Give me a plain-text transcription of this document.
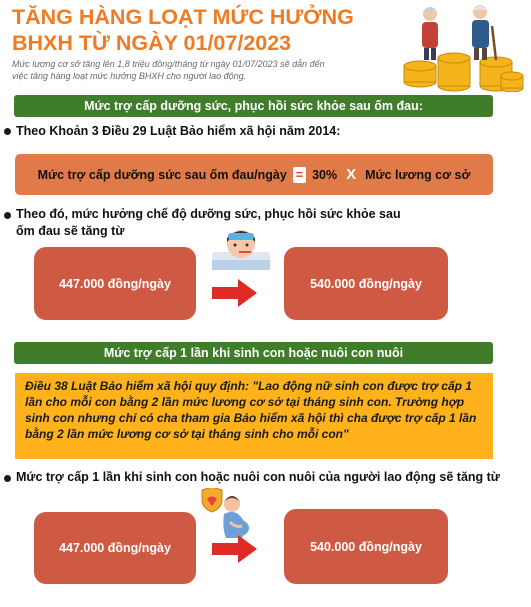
TĂNG HÀNG LOẠT MỨC HƯỞNG BHXH TỪ NGÀY 01/07/2023
Mức lương cơ sở tăng lên 1,8 triệu đồng/tháng từ ngày 01/07/2023 sẽ dẫn đến việc tăng hàng loạt mức hưởng BHXH cho người lao động.
Mức trợ cấp dưỡng sức, phục hồi sức khỏe sau ốm đau:
Theo Khoản 3 Điều 29 Luật Bảo hiểm xã hội năm 2014:
Mức trợ cấp dưỡng sức sau ốm đau/ngày = 30% X Mức lương cơ sở
Theo đó, mức hưởng chế độ dưỡng sức, phục hồi sức khỏe sau ốm đau sẽ tăng từ
447.000 đồng/ngày	540.000 đồng/ngày
Mức trợ cấp 1 lần khi sinh con hoặc nuôi con nuôi
Điều 38 Luật Bảo hiểm xã hội quy định: "Lao động nữ sinh con được trợ cấp 1 lần cho mỗi con bằng 2 lần mức lương cơ sở tại tháng sinh con. Trường hợp sinh con nhưng chỉ có cha tham gia Bảo hiểm xã hội thì cha được trợ cấp 1 lần bằng 2 lần mức lương cơ sở tại tháng sinh cho mỗi con"
Mức trợ cấp 1 lần khi sinh con hoặc nuôi con nuôi của người lao động sẽ tăng từ
447.000 đồng/ngày	540.000 đồng/ngày
